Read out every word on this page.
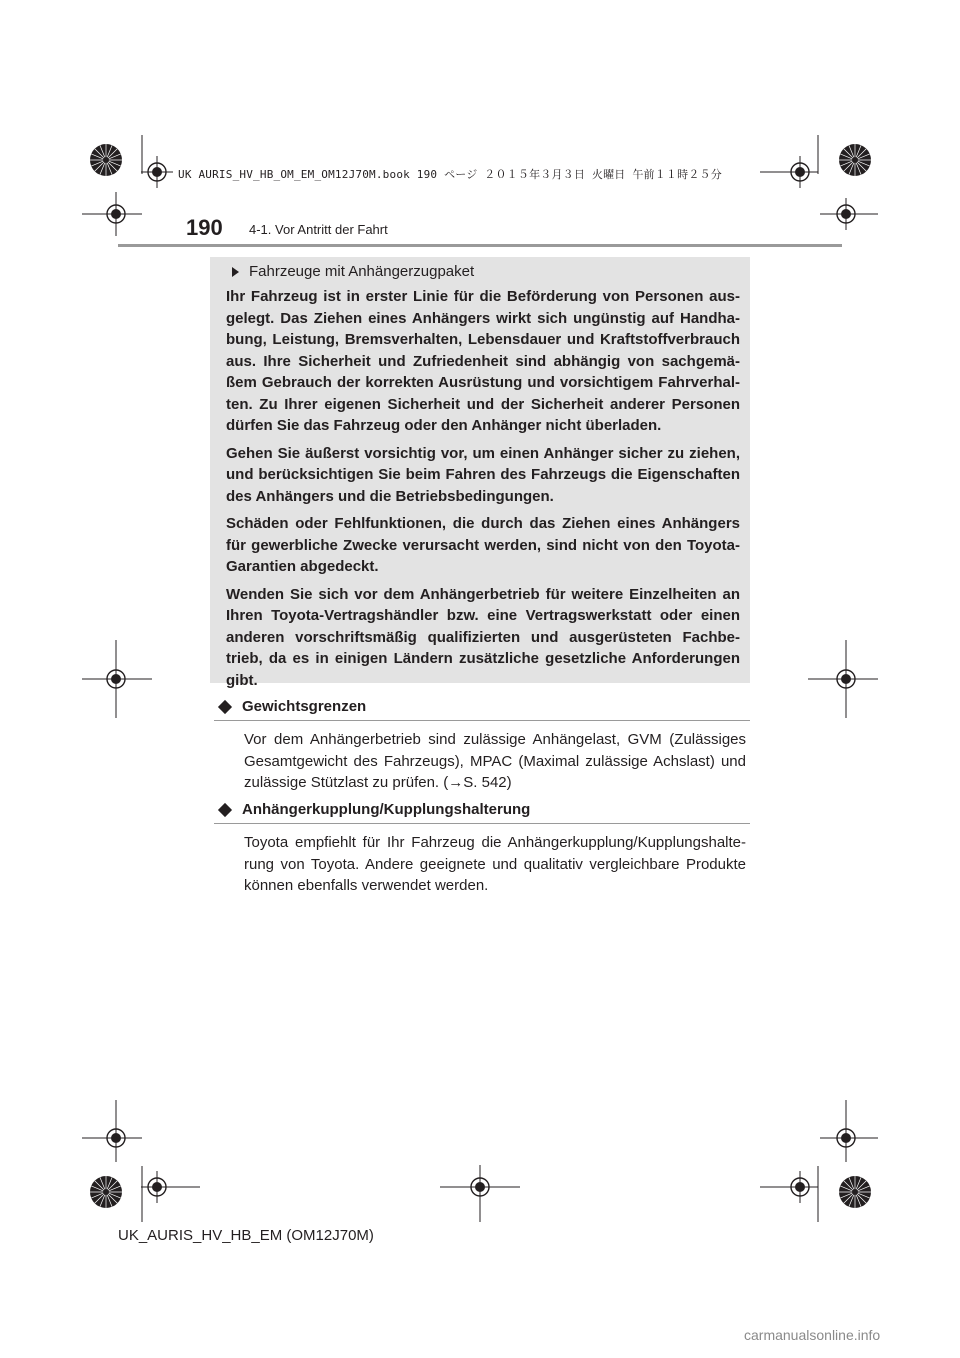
UK AURIS_HV_HB_OM_EM_OM12J70M.book 190 ページ ２０１５年３月３日 火曜日 午前１１時２５分
190 4-1. Vor Antritt der Fahrt
Fahrzeuge mit Anhängerzugpaket

Ihr Fahrzeug ist in erster Linie für die Beförderung von Personen aus-gelegt. Das Ziehen eines Anhängers wirkt sich ungünstig auf Handha-bung, Leistung, Bremsverhalten, Lebensdauer und Kraftstoffverbrauch aus. Ihre Sicherheit und Zufriedenheit sind abhängig von sachgemä-ßem Gebrauch der korrekten Ausrüstung und vorsichtigem Fahrverhal-ten. Zu Ihrer eigenen Sicherheit und der Sicherheit anderer Personen dürfen Sie das Fahrzeug oder den Anhänger nicht überladen.

Gehen Sie äußerst vorsichtig vor, um einen Anhänger sicher zu ziehen, und berücksichtigen Sie beim Fahren des Fahrzeugs die Eigenschaften des Anhängers und die Betriebsbedingungen.

Schäden oder Fehlfunktionen, die durch das Ziehen eines Anhängers für gewerbliche Zwecke verursacht werden, sind nicht von den Toyota-Garantien abgedeckt.

Wenden Sie sich vor dem Anhängerbetrieb für weitere Einzelheiten an Ihren Toyota-Vertragshändler bzw. eine Vertragswerkstatt oder einen anderen vorschriftsmäßig qualifizierten und ausgerüsteten Fachbe-trieb, da es in einigen Ländern zusätzliche gesetzliche Anforderungen gibt.

Gewichtsgrenzen

Vor dem Anhängerbetrieb sind zulässige Anhängelast, GVM (Zulässiges Gesamtgewicht des Fahrzeugs), MPAC (Maximal zulässige Achslast) und zulässige Stützlast zu prüfen. (→S. 542)

Anhängerkupplung/Kupplungshalterung

Toyota empfiehlt für Ihr Fahrzeug die Anhängerkupplung/Kupplungshalte-rung von Toyota. Andere geeignete und qualitativ vergleichbare Produkte können ebenfalls verwendet werden.

UK_AURIS_HV_HB_EM (OM12J70M)
carmanualsonline.info
